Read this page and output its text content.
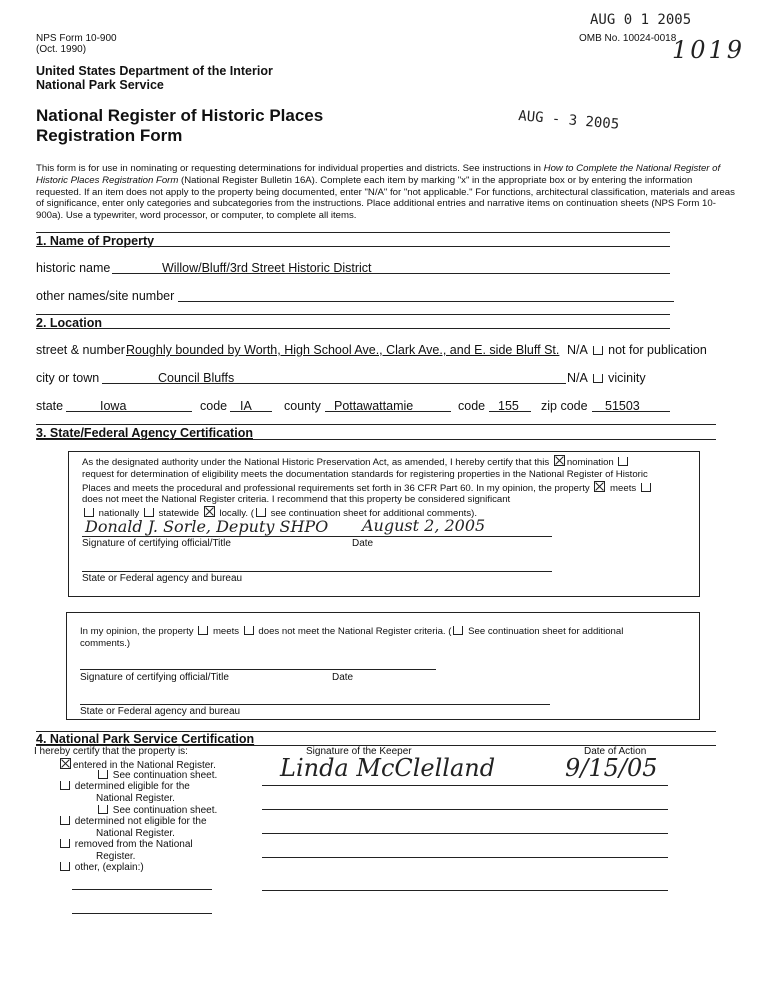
NPS Form 10-900
(Oct. 1990)
AUG 0 1 2005
OMB No. 10024-0018
1019
United States Department of the Interior
National Park Service
National Register of Historic Places
Registration Form
AUG - 3 2005
This form is for use in nominating or requesting determinations for individual properties and districts. See instructions in How to Complete the National Register of Historic Places Registration Form (National Register Bulletin 16A). Complete each item by marking "x" in the appropriate box or by entering the information requested. If an item does not apply to the property being documented, enter "N/A" for "not applicable." For functions, architectural classification, materials and areas of significance, enter only categories and subcategories from the instructions. Place additional entries and narrative items on continuation sheets (NPS Form 10-900a). Use a typewriter, word processor, or computer, to complete all items.
1. Name of Property
historic name	Willow/Bluff/3rd Street Historic District
other names/site number
2. Location
street & number Roughly bounded by Worth, High School Ave., Clark Ave., and E. side Bluff St. N/A not for publication
city or town	Council Bluffs	N/A vicinity
state	Iowa	code IA	county Pottawattamie	code 155 zip code 51503
3. State/Federal Agency Certification
As the designated authority under the National Historic Preservation Act, as amended, I hereby certify that this nomination
request for determination of eligibility meets the documentation standards for registering properties in the National Register of Historic
Places and meets the procedural and professional requirements set forth in 36 CFR Part 60. In my opinion, the property meets
does not meet the National Register criteria. I recommend that this property be considered significant
nationally statewide locally. ( see continuation sheet for additional comments).
Donald J. Sorle, Deputy SHPO August 2, 2005
Signature of certifying official/Title	Date
State or Federal agency and bureau
In my opinion, the property meets does not meet the National Register criteria. ( See continuation sheet for additional
comments.)
Signature of certifying official/Title	Date
State or Federal agency and bureau
4. National Park Service Certification
I hereby certify that the property is:	Signature of the Keeper	Date of Action
entered in the National Register.
See continuation sheet.
determined eligible for the
National Register.
See continuation sheet.
determined not eligible for the
National Register.
removed from the National
Register.
other, (explain:)
Linda McClelland	9/15/05
